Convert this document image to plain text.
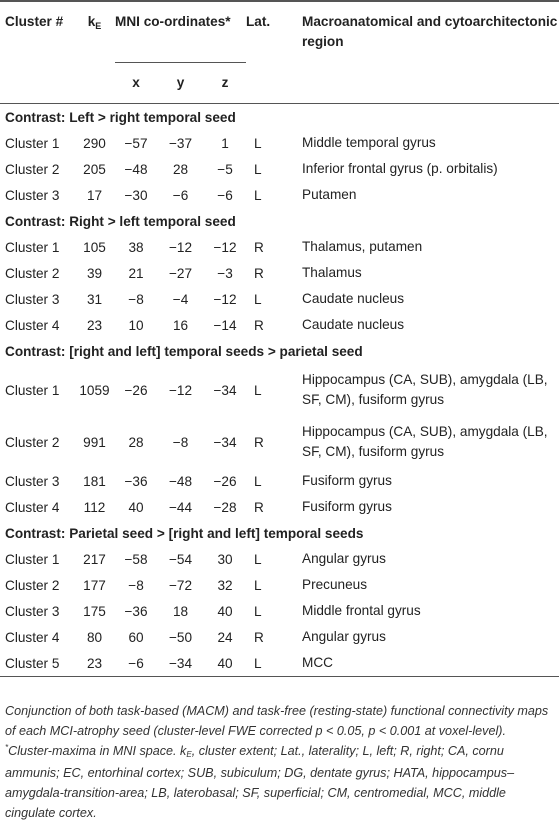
Cluster #	$k_E$	MNI co-ordinates*			Lat.	Macroanatomical and cytoarchitectonic region
		x	y	z		

Contrast: Left > right temporal seed						
Cluster 1	290	−57	−37	1	L	Middle temporal gyrus
Cluster 2	205	−48	28	−5	L	Inferior frontal gyrus (p. orbitalis)
Cluster 3	17	−30	−6	−6	L	Putamen
Contrast: Right > left temporal seed						
Cluster 1	105	38	−12	−12	R	Thalamus, putamen
Cluster 2	39	21	−27	−3	R	Thalamus
Cluster 3	31	−8	−4	−12	L	Caudate nucleus
Cluster 4	23	10	16	−14	R	Caudate nucleus
Contrast: [right and left] temporal seeds > parietal seed						
Cluster 1	1059	−26	−12	−34	L	Hippocampus (CA, SUB), amygdala (LB, SF, CM), fusiform gyrus
Cluster 2	991	28	−8	−34	R	Hippocampus (CA, SUB), amygdala (LB, SF, CM), fusiform gyrus
Cluster 3	181	−36	−48	−26	L	Fusiform gyrus
Cluster 4	112	40	−44	−28	R	Fusiform gyrus
Contrast: Parietal seed > [right and left] temporal seeds						
Cluster 1	217	−58	−54	30	L	Angular gyrus
Cluster 2	177	−8	−72	32	L	Precuneus
Cluster 3	175	−36	18	40	L	Middle frontal gyrus
Cluster 4	80	60	−50	24	R	Angular gyrus
Cluster 5	23	−6	−34	40	L	MCC

Conjunction of both task-based (MACM) and task-free (resting-state) functional connectivity maps of each MCI-atrophy seed (cluster-level FWE corrected p < 0.05, p < 0.001 at voxel-level). *Cluster-maxima in MNI space. kE, cluster extent; Lat., laterality; L, left; R, right; CA, cornu ammunis; EC, entorhinal cortex; SUB, subiculum; DG, dentate gyrus; HATA, hippocampus–amygdala-transition-area; LB, laterobasal; SF, superficial; CM, centromedial, MCC, middle cingulate cortex.
